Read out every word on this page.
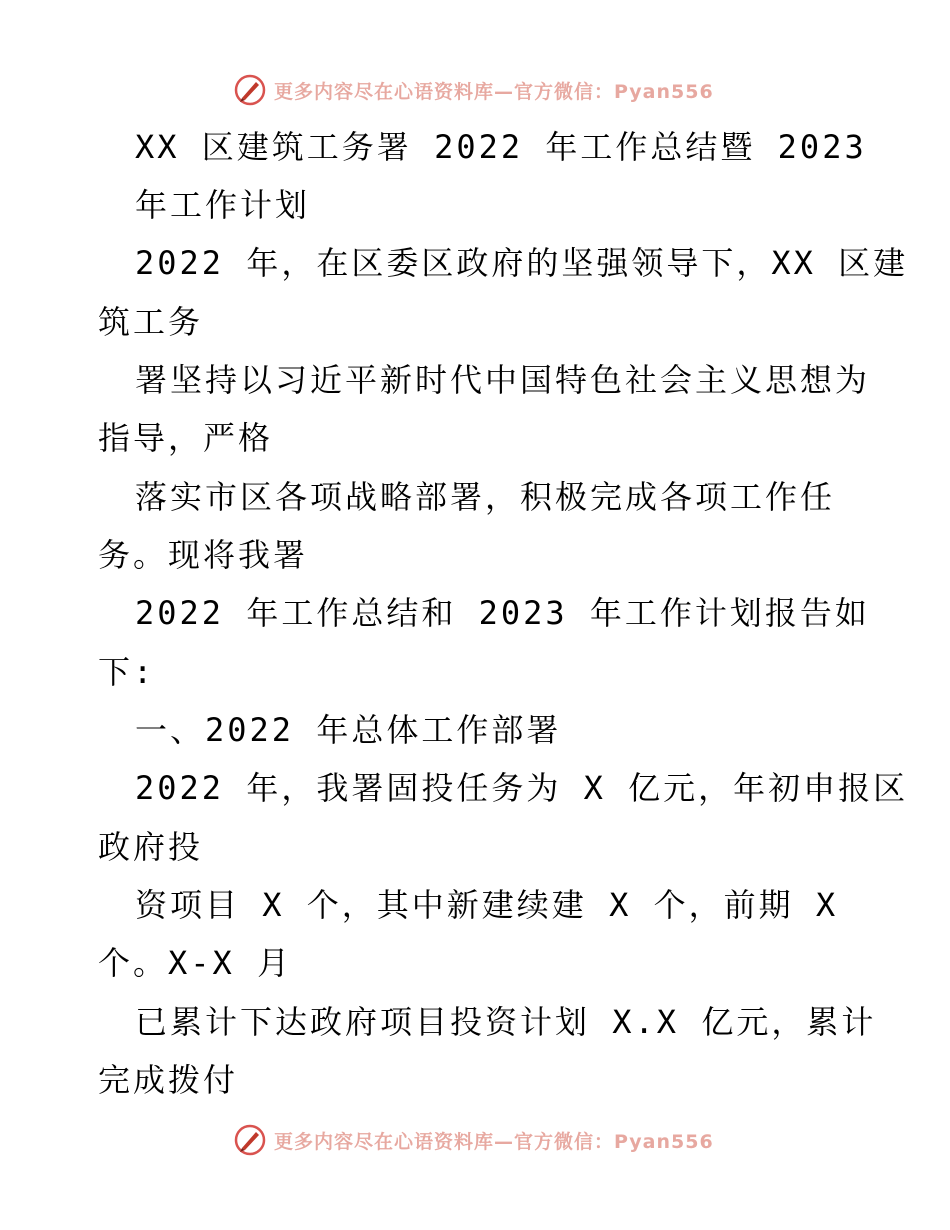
更多内容尽在心语资料库—官方微信：Pyan556
XX 区建筑工务署 2022 年工作总结暨 2023
年工作计划
2022 年，在区委区政府的坚强领导下，XX 区建
筑工务
署坚持以习近平新时代中国特色社会主义思想为
指导，严格
落实市区各项战略部署，积极完成各项工作任
务。现将我署
2022 年工作总结和 2023 年工作计划报告如
下:
一、2022 年总体工作部署
2022 年，我署固投任务为 X 亿元，年初申报区
政府投
资项目 X 个，其中新建续建 X 个，前期 X
个。X-X 月
已累计下达政府项目投资计划 X.X 亿元，累计
完成拨付
更多内容尽在心语资料库—官方微信：Pyan556
